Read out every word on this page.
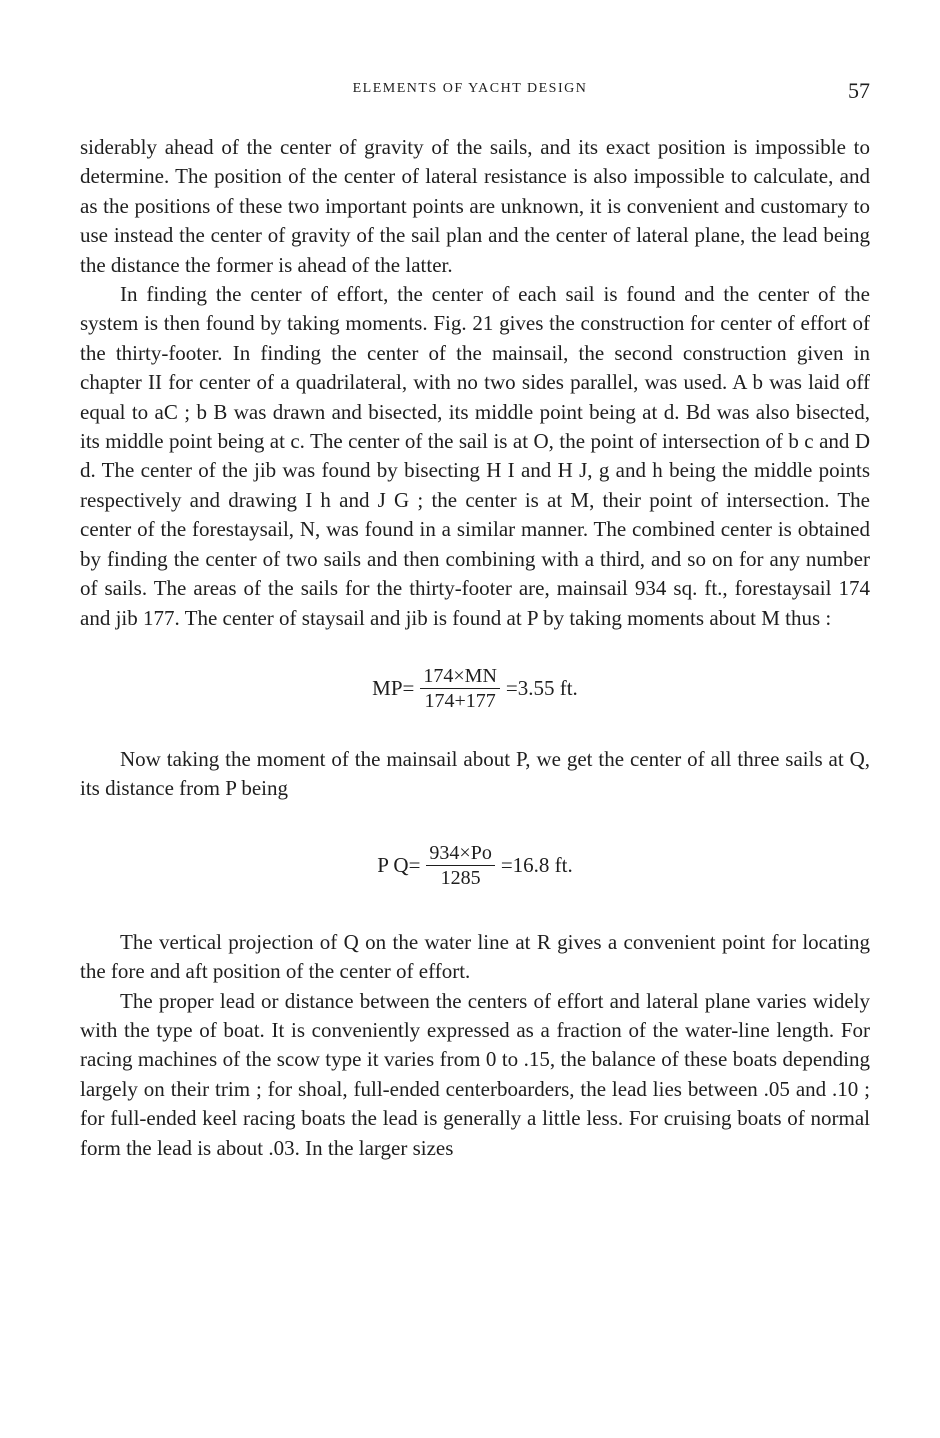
ELEMENTS OF YACHT DESIGN	57

siderably ahead of the center of gravity of the sails, and its exact position is impossible to determine. The position of the center of lateral resistance is also impossible to calculate, and as the positions of these two important points are unknown, it is convenient and customary to use instead the center of gravity of the sail plan and the center of lateral plane, the lead being the distance the former is ahead of the latter.

In finding the center of effort, the center of each sail is found and the center of the system is then found by taking moments. Fig. 21 gives the construction for center of effort of the thirty-footer. In finding the center of the mainsail, the second construction given in chapter II for center of a quadrilateral, with no two sides parallel, was used. A b was laid off equal to aC ; b B was drawn and bisected, its middle point being at d. Bd was also bisected, its middle point being at c. The center of the sail is at O, the point of intersection of b c and D d. The center of the jib was found by bisecting H I and H J, g and h being the middle points respectively and drawing I h and J G ; the center is at M, their point of intersection. The center of the forestaysail, N, was found in a similar manner. The combined center is obtained by finding the center of two sails and then combining with a third, and so on for any number of sails. The areas of the sails for the thirty-footer are, mainsail 934 sq. ft., forestaysail 174 and jib 177. The center of staysail and jib is found at P by taking moments about M thus :

$MP= \frac{174\times MN}{174+177} =3.55$ ft.

Now taking the moment of the mainsail about P, we get the center of all three sails at Q, its distance from P being

P $Q= \frac{934\times Po}{1285} =16.8$ ft.

The vertical projection of Q on the water line at R gives a convenient point for locating the fore and aft position of the center of effort.

The proper lead or distance between the centers of effort and lateral plane varies widely with the type of boat. It is conveniently expressed as a fraction of the water-line length. For racing machines of the scow type it varies from 0 to .15, the balance of these boats depending largely on their trim ; for shoal, full-ended centerboarders, the lead lies between .05 and .10 ; for full-ended keel racing boats the lead is generally a little less. For cruising boats of normal form the lead is about .03. In the larger sizes
